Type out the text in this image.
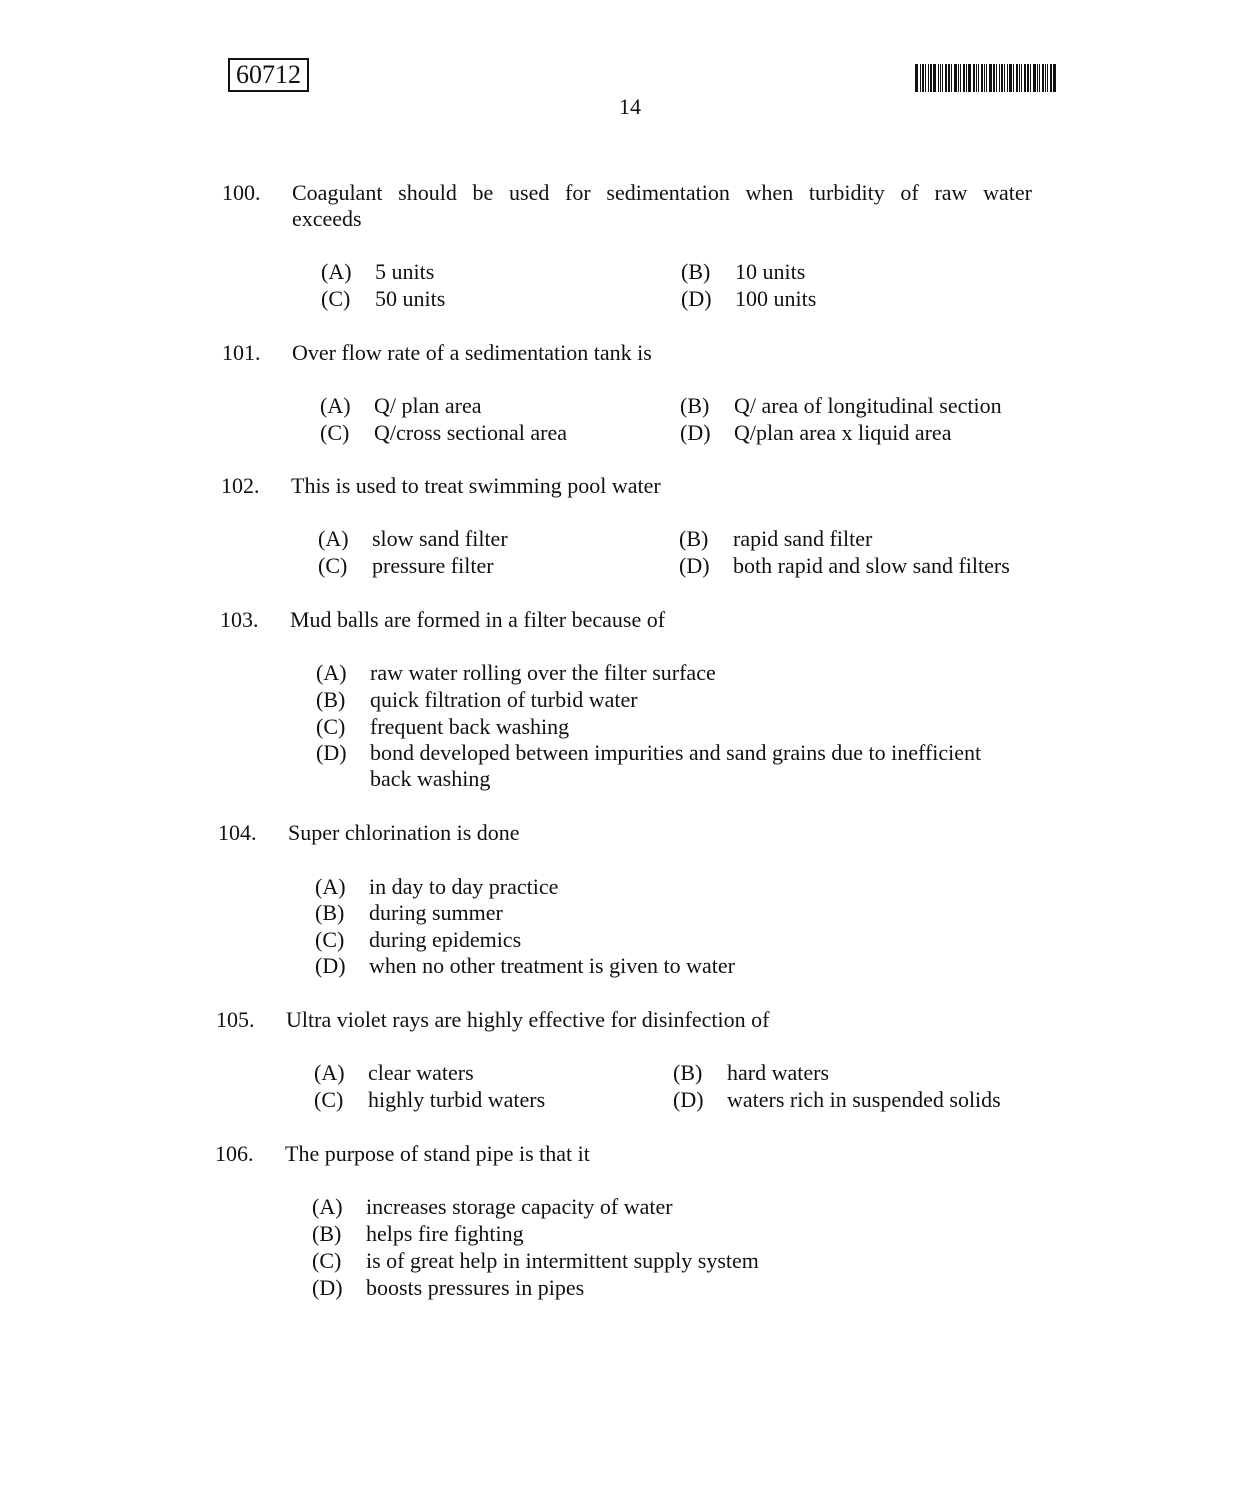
60712
14
100. Coagulant should be used for sedimentation when turbidity of raw water
exceeds
(A) 5 units	(B) 10 units
(C) 50 units	(D) 100 units
101. Over flow rate of a sedimentation tank is
(A) Q/ plan area	(B) Q/ area of longitudinal section
(C) Q/cross sectional area	(D) Q/plan area x liquid area
102. This is used to treat swimming pool water
(A) slow sand filter	(B) rapid sand filter
(C) pressure filter	(D) both rapid and slow sand filters
103. Mud balls are formed in a filter because of
(A) raw water rolling over the filter surface
(B) quick filtration of turbid water
(C) frequent back washing
(D) bond developed between impurities and sand grains due to inefficient
back washing
104. Super chlorination is done
(A) in day to day practice
(B) during summer
(C) during epidemics
(D) when no other treatment is given to water
105. Ultra violet rays are highly effective for disinfection of
(A) clear waters	(B) hard waters
(C) highly turbid waters	(D) waters rich in suspended solids
106. The purpose of stand pipe is that it
(A) increases storage capacity of water
(B) helps fire fighting
(C) is of great help in intermittent supply system
(D) boosts pressures in pipes
